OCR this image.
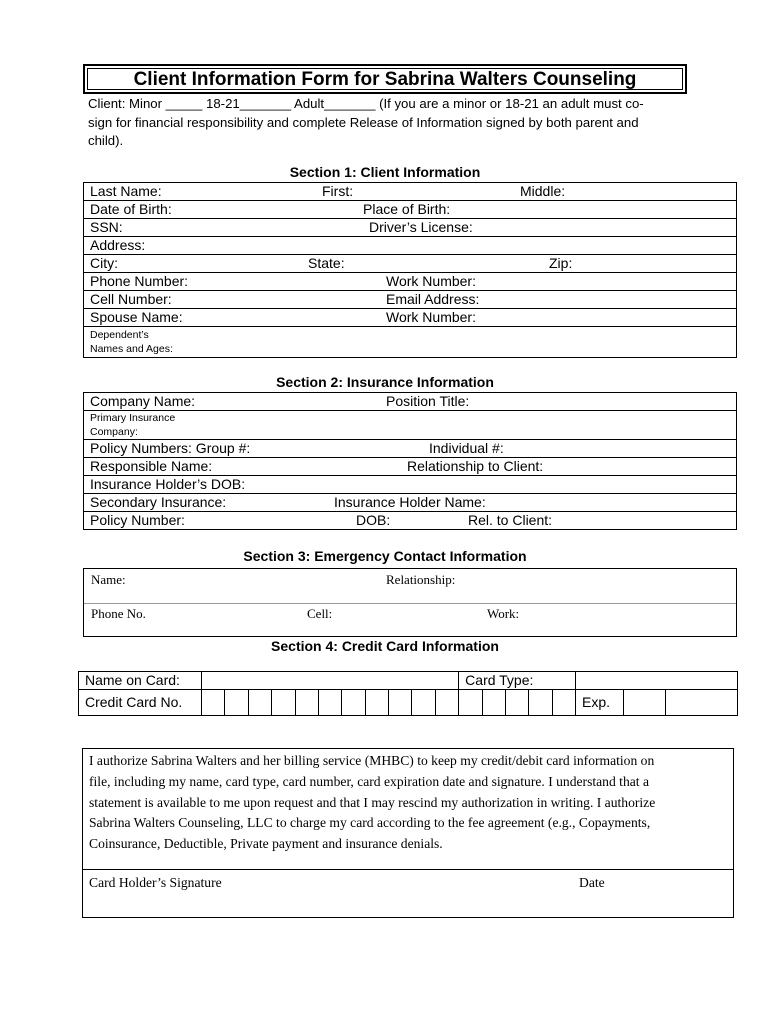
Client Information Form for Sabrina Walters Counseling
Client: Minor _____ 18-21_______ Adult_______ (If you are a minor or 18-21 an adult must co-
sign for financial responsibility and complete Release of Information signed by both parent and
child).
Section 1: Client Information
Last Name:	First:	Middle:

Date of Birth:	Place of Birth:

SSN:	Driver’s License:

Address:

City:	State:	Zip:

Phone Number:	Work Number:

Cell Number:	Email Address:

Spouse Name:	Work Number:

Dependent’s
Names and Ages:
Section 2: Insurance Information
Company Name:	Position Title:

Primary Insurance
Company:

Policy Numbers: Group #:	Individual #:

Responsible Name:	Relationship to Client:

Insurance Holder’s DOB:

Secondary Insurance:	Insurance Holder Name:

Policy Number:	DOB:	Rel. to Client:
Section 3: Emergency Contact Information
Name:	Relationship:
Phone No.	Cell:	Work:
Section 4: Credit Card Information
Name on Card:												Card Type:							
Credit Card No.																	Exp.		
I authorize Sabrina Walters and her billing service (MHBC) to keep my credit/debit card information on
file, including my name, card type, card number, card expiration date and signature. I understand that a
statement is available to me upon request and that I may rescind my authorization in writing. I authorize
Sabrina Walters Counseling, LLC to charge my card according to the fee agreement (e.g., Copayments,
Coinsurance, Deductible, Private payment and insurance denials.
Card Holder’s Signature	Date
